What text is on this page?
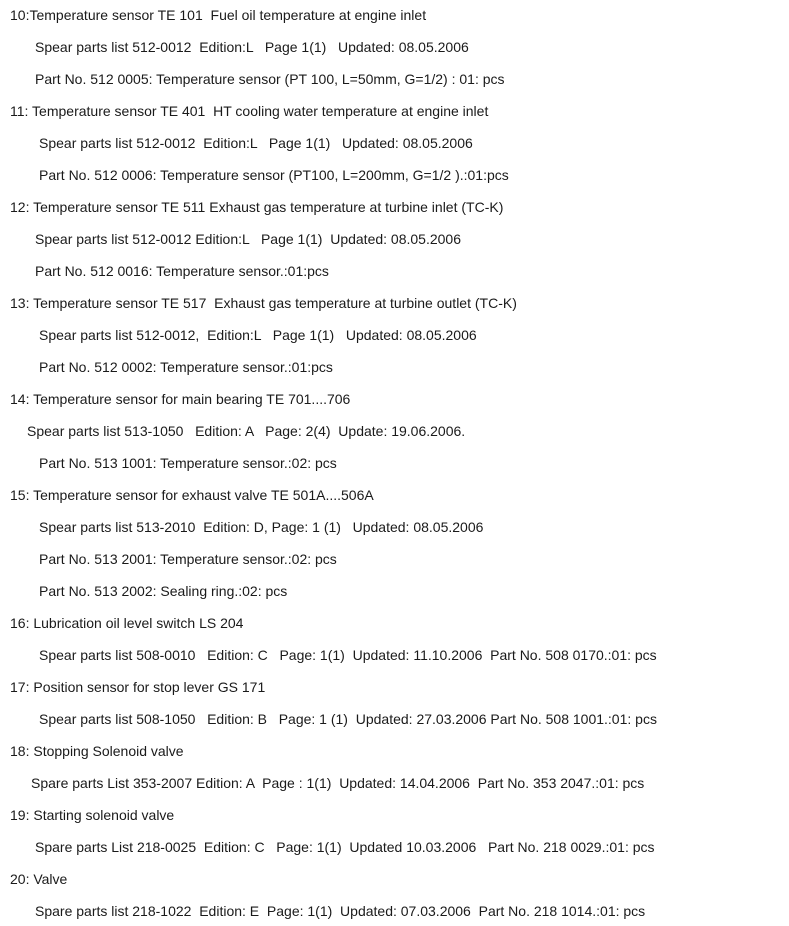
10:Temperature sensor TE 101  Fuel oil temperature at engine inlet
Spear parts list 512-0012  Edition:L   Page 1(1)   Updated: 08.05.2006
Part No. 512 0005: Temperature sensor (PT 100, L=50mm, G=1/2) : 01: pcs
11: Temperature sensor TE 401  HT cooling water temperature at engine inlet
Spear parts list 512-0012  Edition:L   Page 1(1)   Updated: 08.05.2006
Part No. 512 0006: Temperature sensor (PT100, L=200mm, G=1/2 ).:01:pcs
12: Temperature sensor TE 511 Exhaust gas temperature at turbine inlet (TC-K)
Spear parts list 512-0012 Edition:L   Page 1(1)  Updated: 08.05.2006
Part No. 512 0016: Temperature sensor.:01:pcs
13: Temperature sensor TE 517  Exhaust gas temperature at turbine outlet (TC-K)
Spear parts list 512-0012,  Edition:L   Page 1(1)   Updated: 08.05.2006
Part No. 512 0002: Temperature sensor.:01:pcs
14: Temperature sensor for main bearing TE 701....706
Spear parts list 513-1050   Edition: A   Page: 2(4)  Update: 19.06.2006.
Part No. 513 1001: Temperature sensor.:02: pcs
15: Temperature sensor for exhaust valve TE 501A....506A
Spear parts list 513-2010  Edition: D, Page: 1 (1)   Updated: 08.05.2006
Part No. 513 2001: Temperature sensor.:02: pcs
Part No. 513 2002: Sealing ring.:02: pcs
16: Lubrication oil level switch LS 204
Spear parts list 508-0010   Edition: C   Page: 1(1)  Updated: 11.10.2006  Part No. 508 0170.:01: pcs
17: Position sensor for stop lever GS 171
Spear parts list 508-1050   Edition: B   Page: 1 (1)  Updated: 27.03.2006 Part No. 508 1001.:01: pcs
18: Stopping Solenoid valve
Spare parts List 353-2007 Edition: A  Page : 1(1)  Updated: 14.04.2006  Part No. 353 2047.:01: pcs
19: Starting solenoid valve
Spare parts List 218-0025  Edition: C   Page: 1(1)  Updated 10.03.2006   Part No. 218 0029.:01: pcs
20: Valve
Spare parts list 218-1022  Edition: E  Page: 1(1)  Updated: 07.03.2006  Part No. 218 1014.:01: pcs
